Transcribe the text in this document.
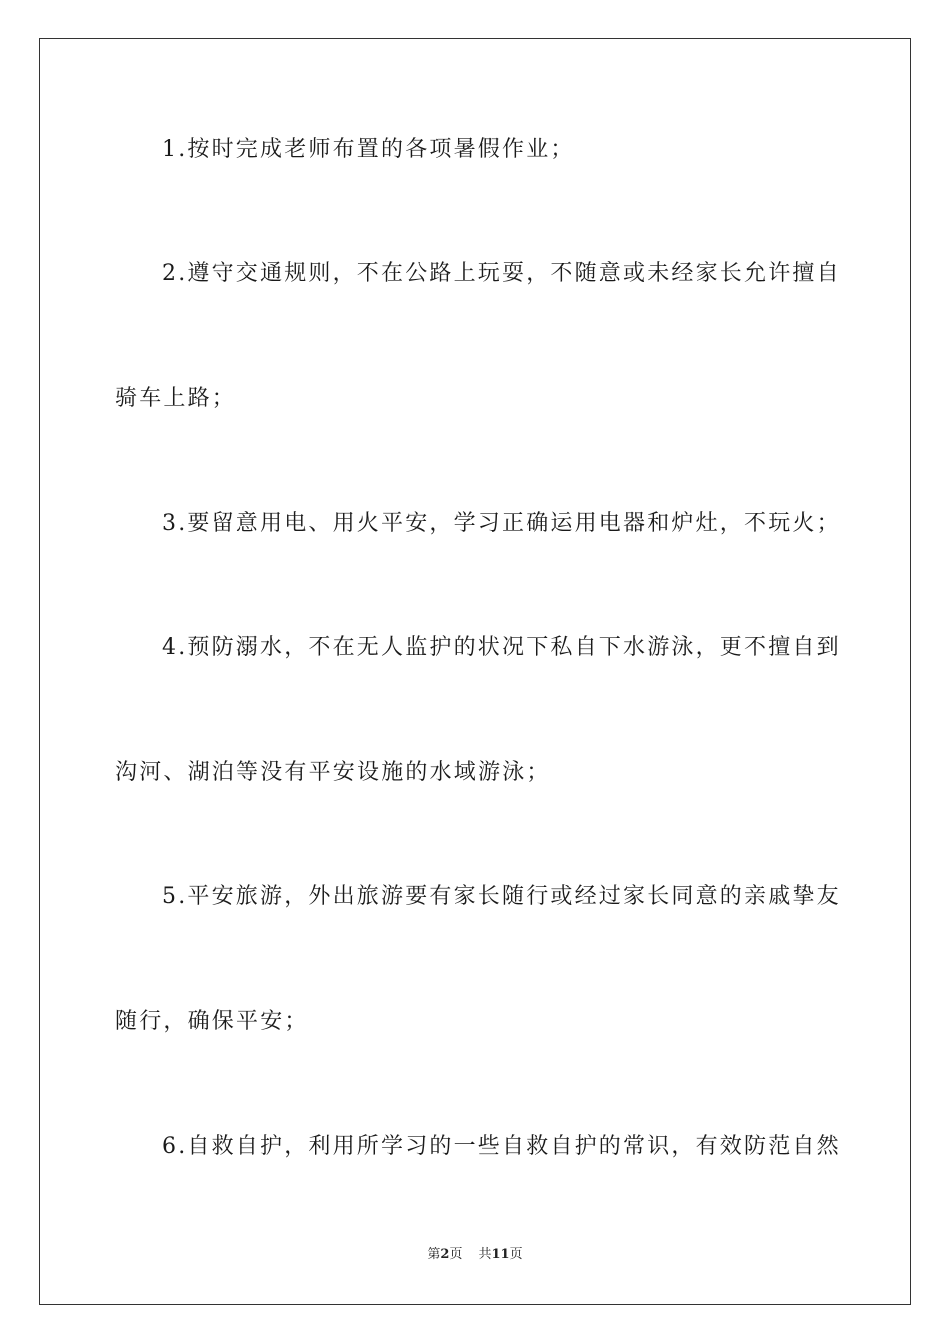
1.按时完成老师布置的各项暑假作业；
2.遵守交通规则，不在公路上玩耍，不随意或未经家长允许擅自
骑车上路；
3.要留意用电、用火平安，学习正确运用电器和炉灶，不玩火；
4.预防溺水，不在无人监护的状况下私自下水游泳，更不擅自到
沟河、湖泊等没有平安设施的水域游泳；
5.平安旅游，外出旅游要有家长随行或经过家长同意的亲戚挚友
随行，确保平安；
6.自救自护，利用所学习的一些自救自护的常识，有效防范自然
第2页 共11页
